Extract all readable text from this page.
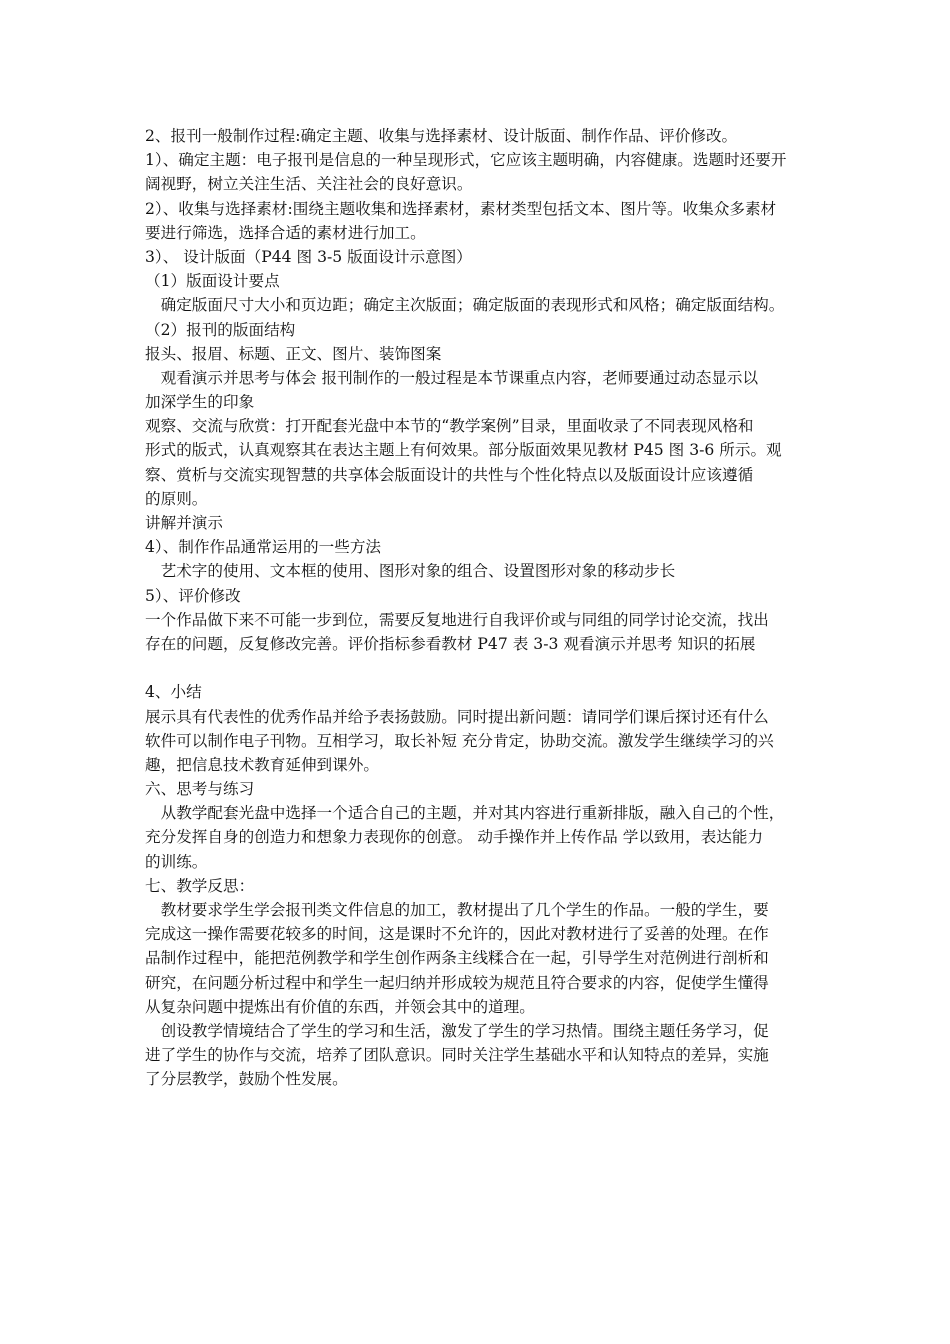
2、报刊一般制作过程:确定主题、收集与选择素材、设计版面、制作作品、评价修改。
1）、确定主题：电子报刊是信息的一种呈现形式，它应该主题明确，内容健康。选题时还要开
阔视野，树立关注生活、关注社会的良好意识。
2）、收集与选择素材:围绕主题收集和选择素材，素材类型包括文本、图片等。收集众多素材
要进行筛选，选择合适的素材进行加工。
3）、 设计版面（P44 图 3-5 版面设计示意图）
（1）版面设计要点
　确定版面尺寸大小和页边距；确定主次版面；确定版面的表现形式和风格；确定版面结构。
（2）报刊的版面结构
报头、报眉、标题、正文、图片、装饰图案
　观看演示并思考与体会 报刊制作的一般过程是本节课重点内容，老师要通过动态显示以
加深学生的印象
观察、交流与欣赏：打开配套光盘中本节的“教学案例”目录，里面收录了不同表现风格和
形式的版式，认真观察其在表达主题上有何效果。部分版面效果见教材 P45 图 3-6 所示。观
察、赏析与交流实现智慧的共享体会版面设计的共性与个性化特点以及版面设计应该遵循
的原则。
讲解并演示
4）、制作作品通常运用的一些方法
　艺术字的使用、文本框的使用、图形对象的组合、设置图形对象的移动步长
5）、评价修改
一个作品做下来不可能一步到位，需要反复地进行自我评价或与同组的同学讨论交流，找出
存在的问题，反复修改完善。评价指标参看教材 P47 表 3-3 观看演示并思考 知识的拓展
4、小结
展示具有代表性的优秀作品并给予表扬鼓励。同时提出新问题：请同学们课后探讨还有什么
软件可以制作电子刊物。互相学习，取长补短 充分肯定，协助交流。激发学生继续学习的兴
趣，把信息技术教育延伸到课外。
六、思考与练习
　从教学配套光盘中选择一个适合自己的主题，并对其内容进行重新排版，融入自己的个性，
充分发挥自身的创造力和想象力表现你的创意。 动手操作并上传作品 学以致用，表达能力
的训练。
七、教学反思：
　教材要求学生学会报刊类文件信息的加工，教材提出了几个学生的作品。一般的学生，要
完成这一操作需要花较多的时间，这是课时不允许的，因此对教材进行了妥善的处理。在作
品制作过程中，能把范例教学和学生创作两条主线糅合在一起，引导学生对范例进行剖析和
研究，在问题分析过程中和学生一起归纳并形成较为规范且符合要求的内容，促使学生懂得
从复杂问题中提炼出有价值的东西，并领会其中的道理。
　创设教学情境结合了学生的学习和生活，激发了学生的学习热情。围绕主题任务学习，促
进了学生的协作与交流，培养了团队意识。同时关注学生基础水平和认知特点的差异，实施
了分层教学，鼓励个性发展。
